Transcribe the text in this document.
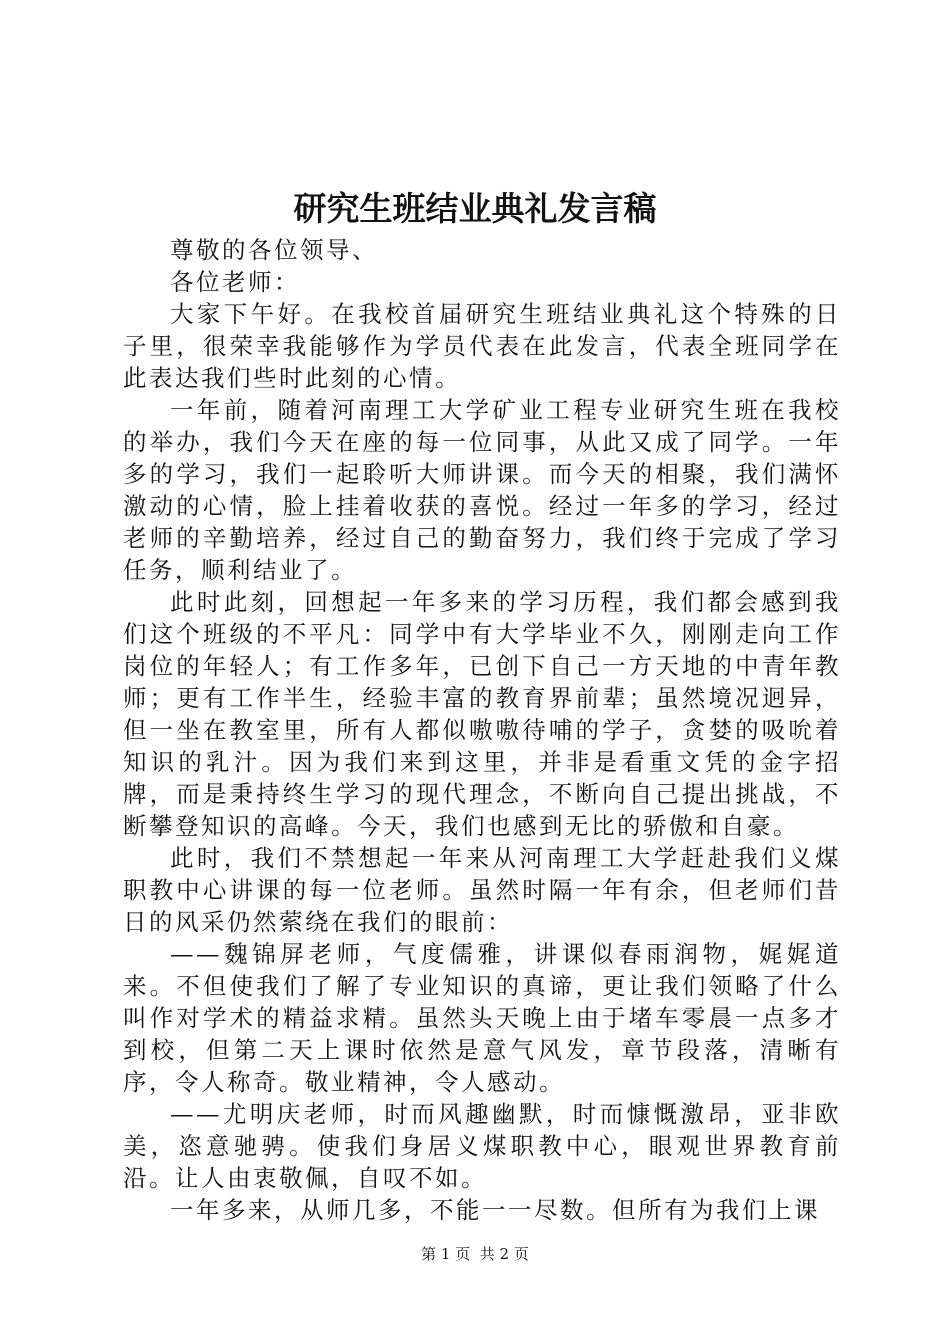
研究生班结业典礼发言稿

尊敬的各位领导、

各位老师：

大家下午好。在我校首届研究生班结业典礼这个特殊的日子里，很荣幸我能够作为学员代表在此发言，代表全班同学在此表达我们些时此刻的心情。

一年前，随着河南理工大学矿业工程专业研究生班在我校的举办，我们今天在座的每一位同事，从此又成了同学。一年多的学习，我们一起聆听大师讲课。而今天的相聚，我们满怀激动的心情，脸上挂着收获的喜悦。经过一年多的学习，经过老师的辛勤培养，经过自己的勤奋努力，我们终于完成了学习任务，顺利结业了。

此时此刻，回想起一年多来的学习历程，我们都会感到我们这个班级的不平凡：同学中有大学毕业不久，刚刚走向工作岗位的年轻人；有工作多年，已创下自己一方天地的中青年教师；更有工作半生，经验丰富的教育界前辈；虽然境况迥异，但一坐在教室里，所有人都似嗷嗷待哺的学子，贪婪的吸吮着知识的乳汁。因为我们来到这里，并非是看重文凭的金字招牌，而是秉持终生学习的现代理念，不断向自己提出挑战，不断攀登知识的高峰。今天，我们也感到无比的骄傲和自豪。

此时，我们不禁想起一年来从河南理工大学赶赴我们义煤职教中心讲课的每一位老师。虽然时隔一年有余，但老师们昔日的风采仍然萦绕在我们的眼前：

——魏锦屏老师，气度儒雅，讲课似春雨润物，娓娓道来。不但使我们了解了专业知识的真谛，更让我们领略了什么叫作对学术的精益求精。虽然头天晚上由于堵车零晨一点多才到校，但第二天上课时依然是意气风发，章节段落，清晰有序，令人称奇。敬业精神，令人感动。

——尤明庆老师，时而风趣幽默，时而慷慨激昂，亚非欧美，恣意驰骋。使我们身居义煤职教中心，眼观世界教育前沿。让人由衷敬佩，自叹不如。

一年多来，从师几多，不能一一尽数。但所有为我们上课

第 1 页  共 2 页
